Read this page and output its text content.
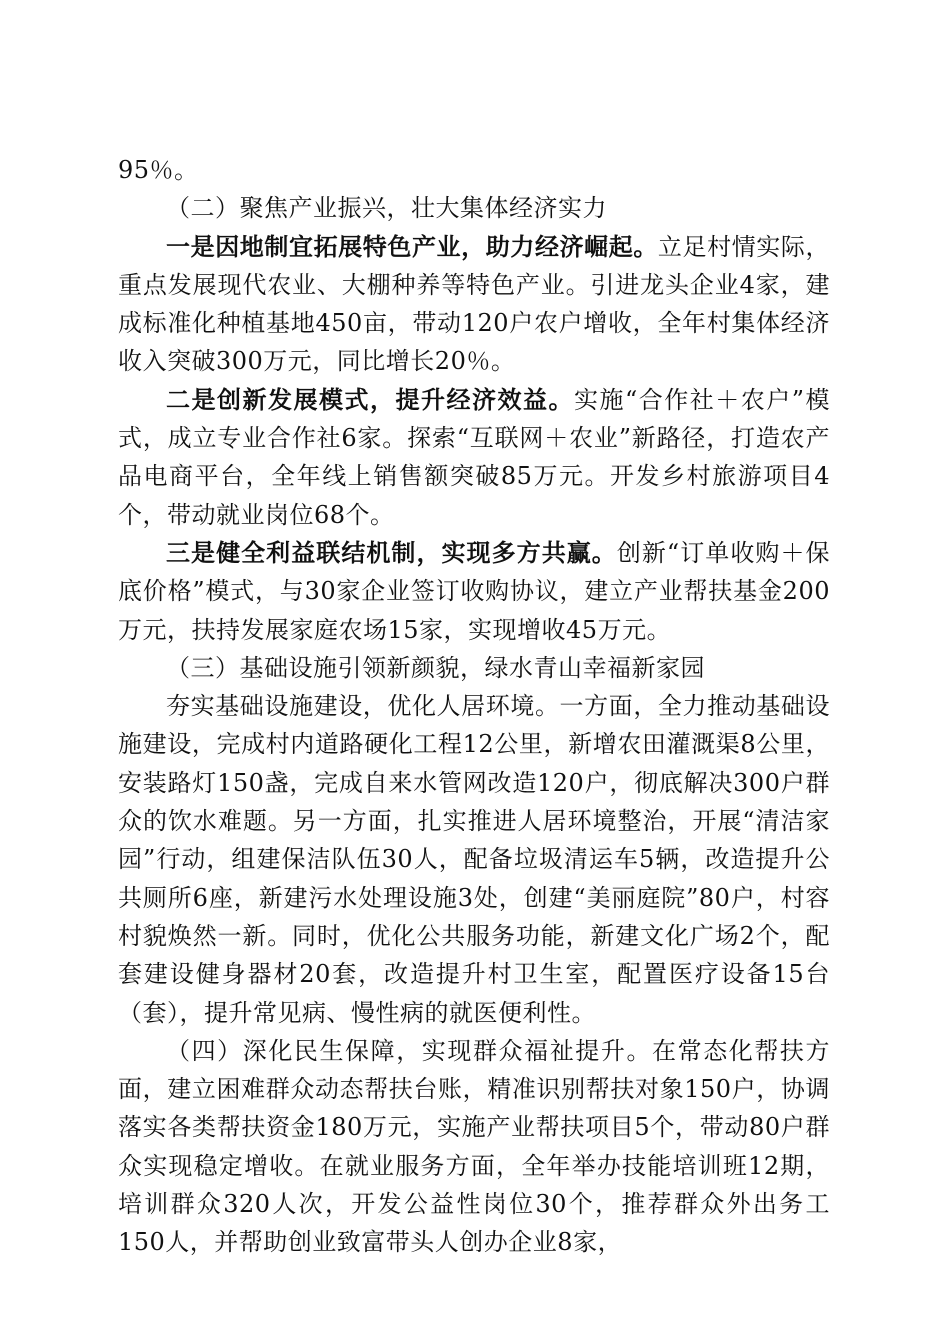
95％。

（二）聚焦产业振兴，壮大集体经济实力

一是因地制宜拓展特色产业，助力经济崛起。立足村情实际，重点发展现代农业、大棚种养等特色产业。引进龙头企业4家，建成标准化种植基地450亩，带动120户农户增收，全年村集体经济收入突破300万元，同比增长20％。

二是创新发展模式，提升经济效益。实施“合作社＋农户”模式，成立专业合作社6家。探索“互联网＋农业”新路径，打造农产品电商平台，全年线上销售额突破85万元。开发乡村旅游项目4个，带动就业岗位68个。

三是健全利益联结机制，实现多方共赢。创新“订单收购＋保底价格”模式，与30家企业签订收购协议，建立产业帮扶基金200万元，扶持发展家庭农场15家，实现增收45万元。

（三）基础设施引领新颜貌，绿水青山幸福新家园

夯实基础设施建设，优化人居环境。一方面，全力推动基础设施建设，完成村内道路硬化工程12公里，新增农田灌溉渠8公里，安装路灯150盏，完成自来水管网改造120户，彻底解决300户群众的饮水难题。另一方面，扎实推进人居环境整治，开展“清洁家园”行动，组建保洁队伍30人，配备垃圾清运车5辆，改造提升公共厕所6座，新建污水处理设施3处，创建“美丽庭院”80户，村容村貌焕然一新。同时，优化公共服务功能，新建文化广场2个，配套建设健身器材20套，改造提升村卫生室，配置医疗设备15台（套），提升常见病、慢性病的就医便利性。

（四）深化民生保障，实现群众福祉提升。在常态化帮扶方面，建立困难群众动态帮扶台账，精准识别帮扶对象150户，协调落实各类帮扶资金180万元，实施产业帮扶项目5个，带动80户群众实现稳定增收。在就业服务方面，全年举办技能培训班12期，培训群众320人次，开发公益性岗位30个，推荐群众外出务工150人，并帮助创业致富带头人创办企业8家，
